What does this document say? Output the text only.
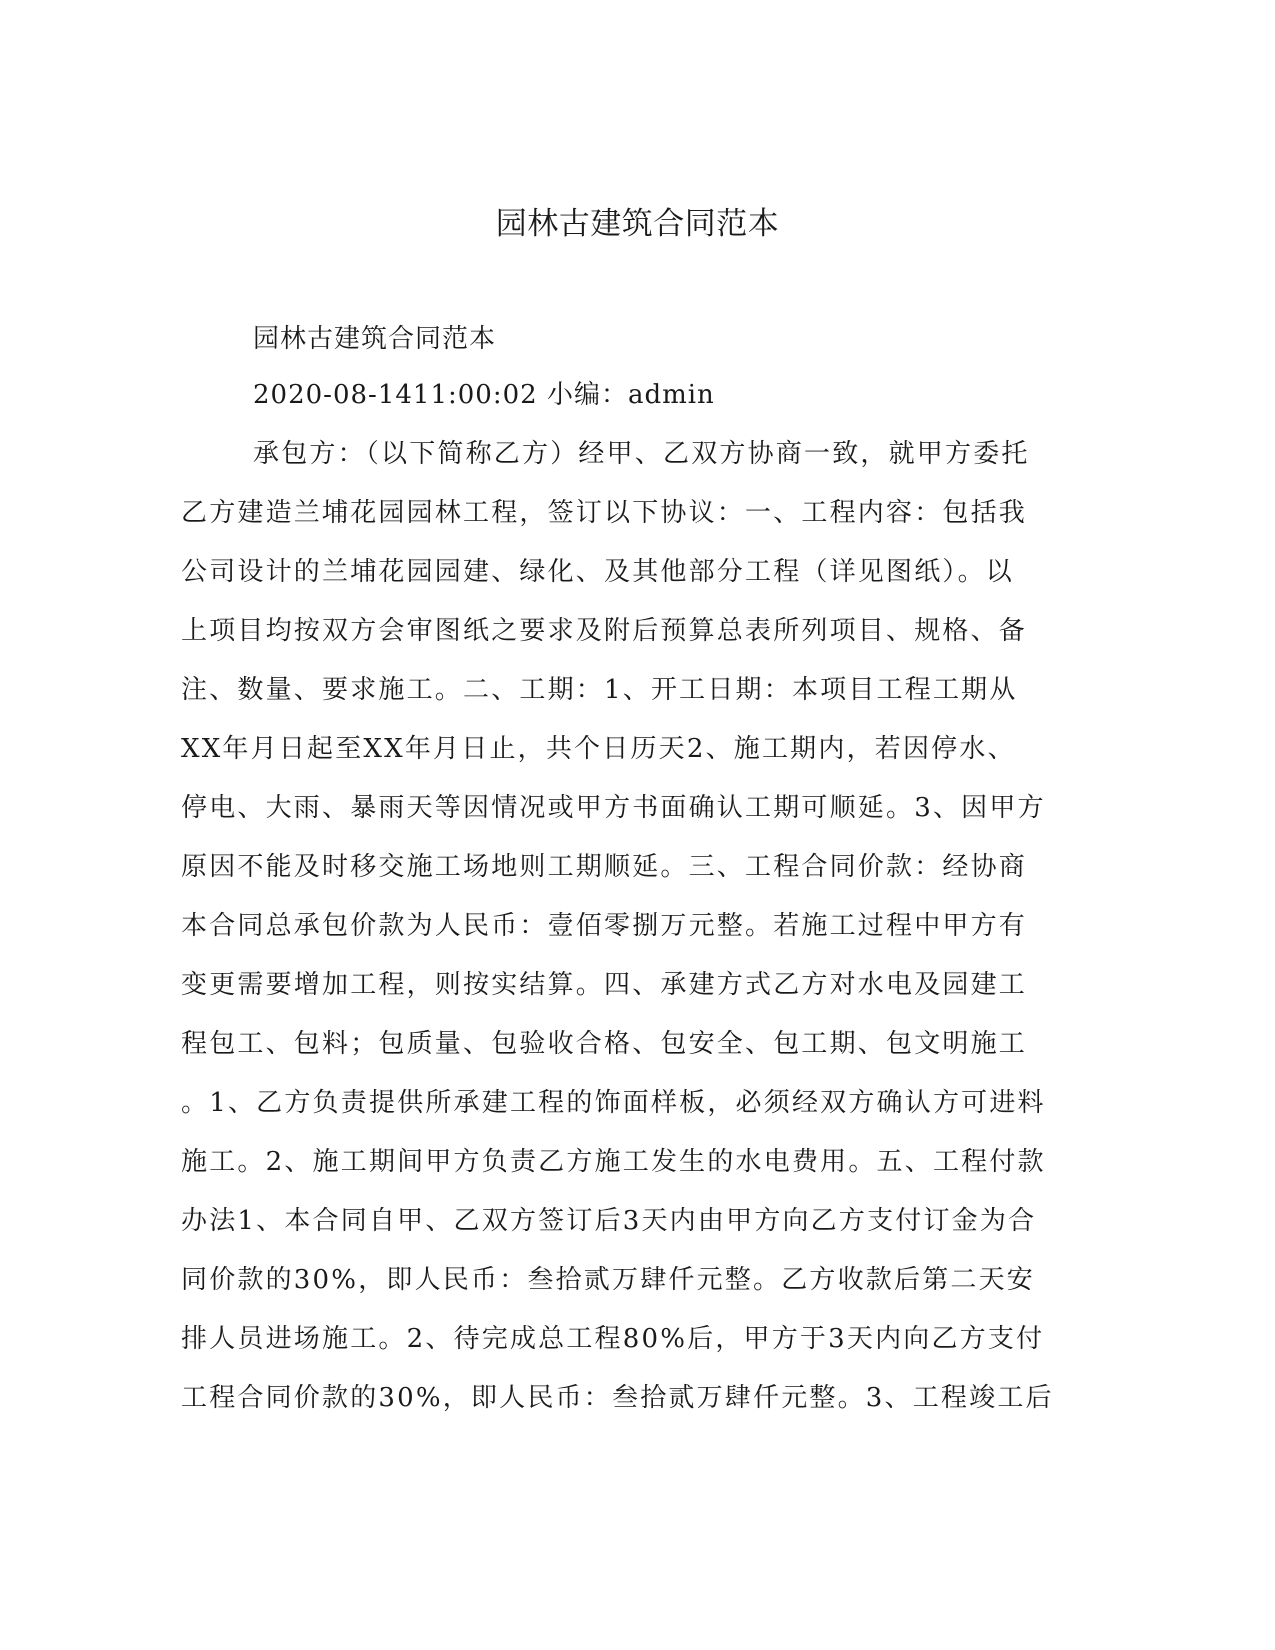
园林古建筑合同范本

园林古建筑合同范本

2020-08-1411:00:02 小编：admin

承包方：（以下简称乙方）经甲、乙双方协商一致，就甲方委托
乙方建造兰埔花园园林工程，签订以下协议：一、工程内容：包括我
公司设计的兰埔花园园建、绿化、及其他部分工程（详见图纸）。以
上项目均按双方会审图纸之要求及附后预算总表所列项目、规格、备
注、数量、要求施工。二、工期：1、开工日期：本项目工程工期从
XX年月日起至XX年月日止，共个日历天2、施工期内，若因停水、
停电、大雨、暴雨天等因情况或甲方书面确认工期可顺延。3、因甲方
原因不能及时移交施工场地则工期顺延。三、工程合同价款：经协商
本合同总承包价款为人民币：壹佰零捌万元整。若施工过程中甲方有
变更需要增加工程，则按实结算。四、承建方式乙方对水电及园建工
程包工、包料；包质量、包验收合格、包安全、包工期、包文明施工
。1、乙方负责提供所承建工程的饰面样板，必须经双方确认方可进料
施工。2、施工期间甲方负责乙方施工发生的水电费用。五、工程付款
办法1、本合同自甲、乙双方签订后3天内由甲方向乙方支付订金为合
同价款的30%，即人民币：叁拾贰万肆仟元整。乙方收款后第二天安
排人员进场施工。2、待完成总工程80%后，甲方于3天内向乙方支付
工程合同价款的30%，即人民币：叁拾贰万肆仟元整。3、工程竣工后
